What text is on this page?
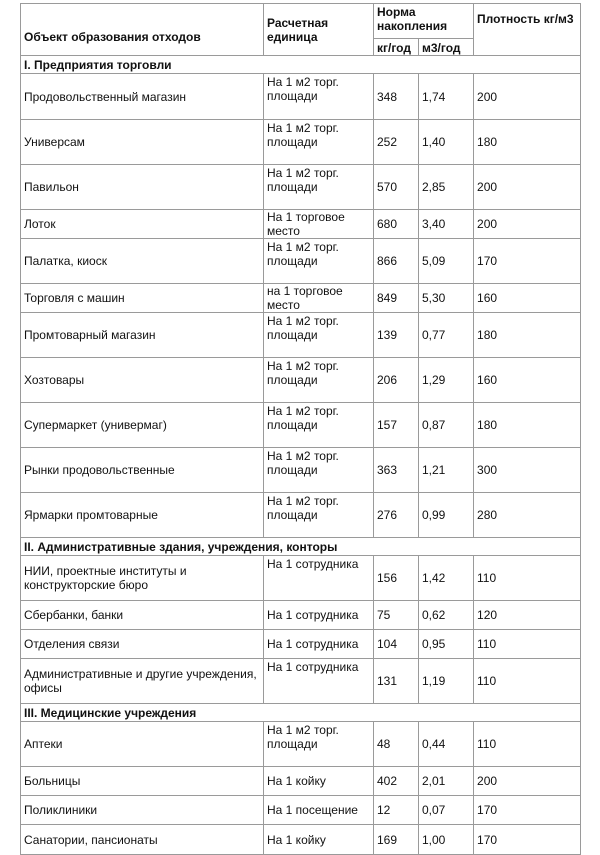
Объект образования отходов	Расчетная единица	Норма накопления		Плотность кг/м3
		кг/год	м3/год	
I. Предприятия торговли				
Продовольственный магазин	На 1 м2 торг. площади	348	1,74	200
Универсам	На 1 м2 торг. площади	252	1,40	180
Павильон	На 1 м2 торг. площади	570	2,85	200
Лоток	На 1 торговое место	680	3,40	200
Палатка, киоск	На 1 м2 торг. площади	866	5,09	170
Торговля с машин	на 1 торговое место	849	5,30	160
Промтоварный магазин	На 1 м2 торг. площади	139	0,77	180
Хозтовары	На 1 м2 торг. площади	206	1,29	160
Супермаркет (универмаг)	На 1 м2 торг. площади	157	0,87	180
Рынки продовольственные	На 1 м2 торг. площади	363	1,21	300
Ярмарки промтоварные	На 1 м2 торг. площади	276	0,99	280
II. Административные здания, учреждения, конторы				
НИИ, проектные институты и конструкторские бюро	На 1 сотрудника	156	1,42	110
Сбербанки, банки	На 1 сотрудника	75	0,62	120
Отделения связи	На 1 сотрудника	104	0,95	110
Административные и другие учреждения, офисы	На 1 сотрудника	131	1,19	110
III. Медицинские учреждения				
Аптеки	На 1 м2 торг. площади	48	0,44	110
Больницы	На 1 койку	402	2,01	200
Поликлиники	На 1 посещение	12	0,07	170
Санатории, пансионаты	На 1 койку	169	1,00	170
